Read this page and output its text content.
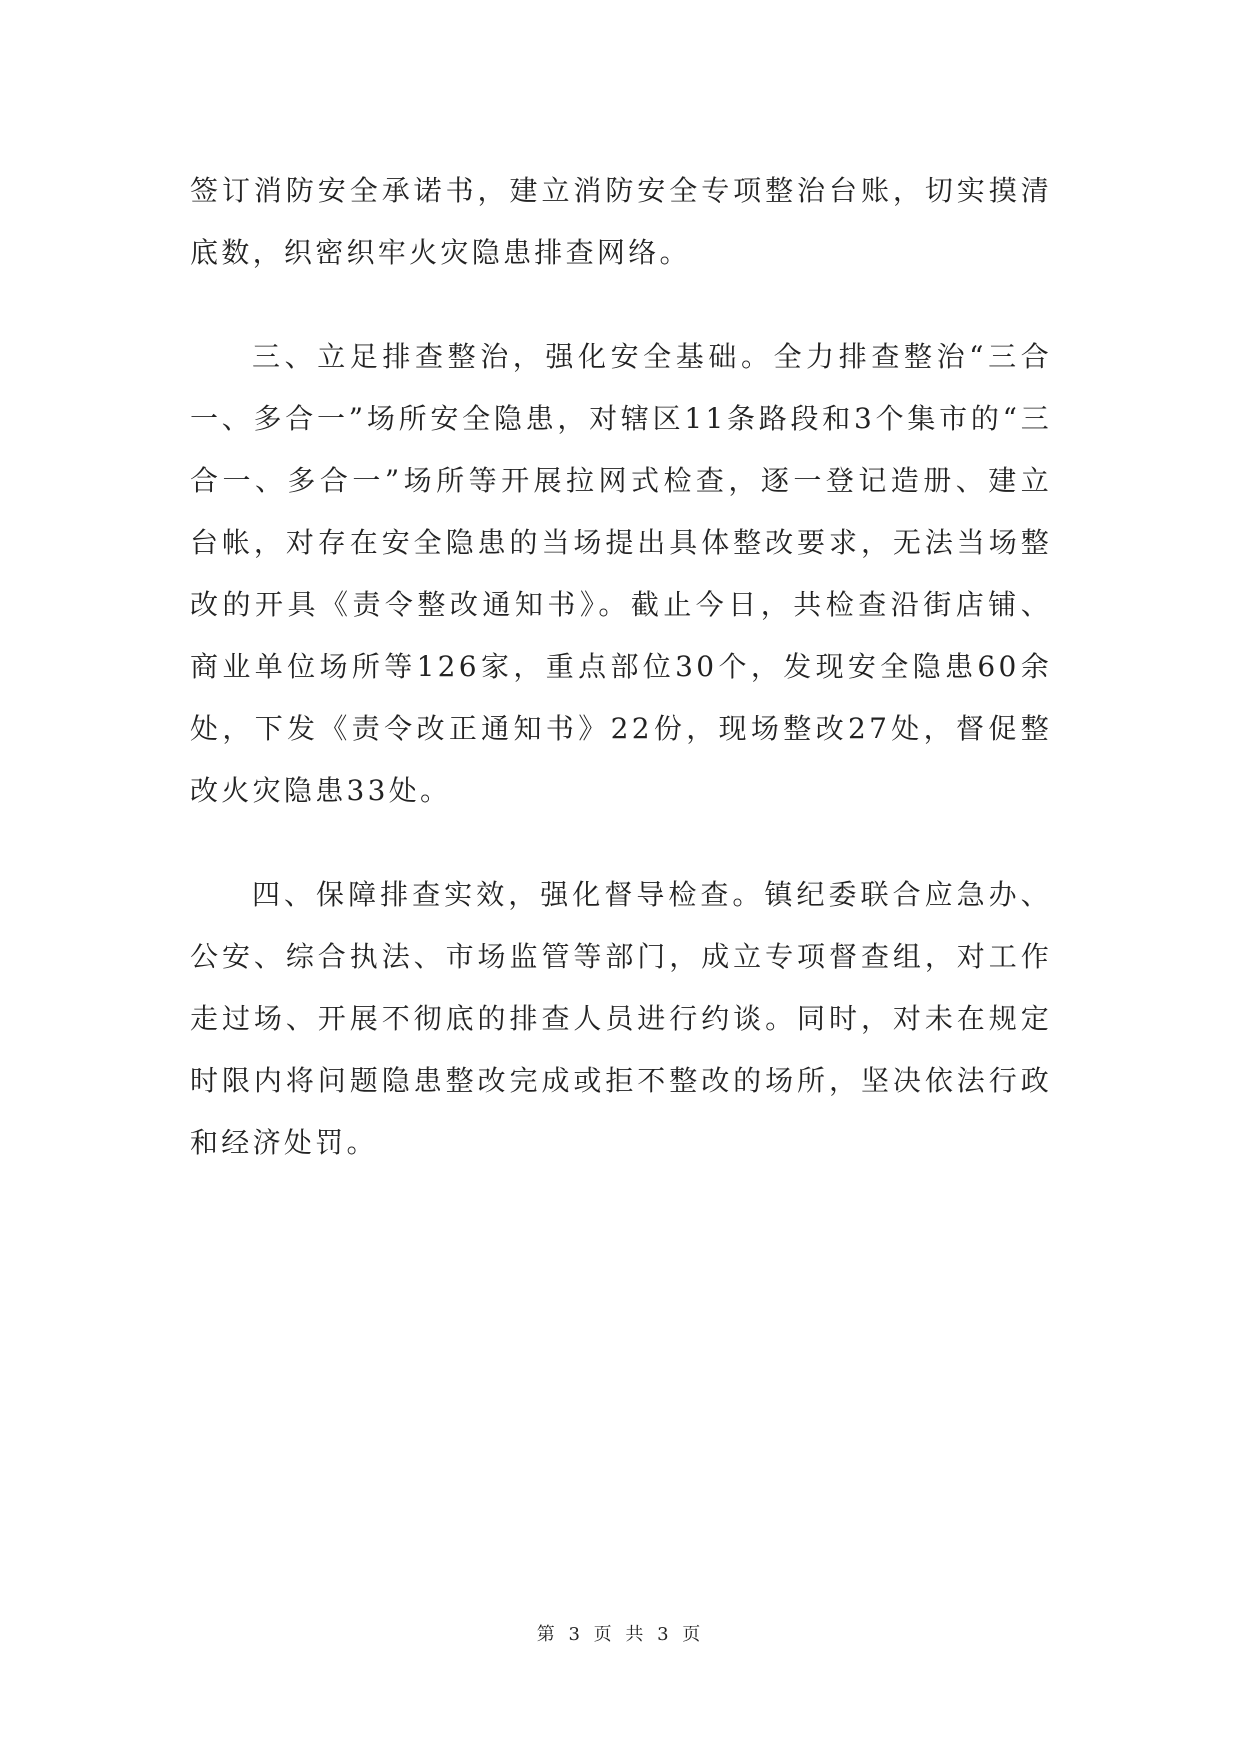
签订消防安全承诺书，建立消防安全专项整治台账，切实摸清底数，织密织牢火灾隐患排查网络。

三、立足排查整治，强化安全基础。全力排查整治“三合一、多合一”场所安全隐患，对辖区11条路段和3个集市的“三合一、多合一”场所等开展拉网式检查，逐一登记造册、建立台帐，对存在安全隐患的当场提出具体整改要求，无法当场整改的开具《责令整改通知书》。截止今日，共检查沿街店铺、商业单位场所等126家，重点部位30个，发现安全隐患60余处，下发《责令改正通知书》22份，现场整改27处，督促整改火灾隐患33处。

四、保障排查实效，强化督导检查。镇纪委联合应急办、公安、综合执法、市场监管等部门，成立专项督查组，对工作走过场、开展不彻底的排查人员进行约谈。同时，对未在规定时限内将问题隐患整改完成或拒不整改的场所，坚决依法行政和经济处罚。

第 3 页 共 3 页
